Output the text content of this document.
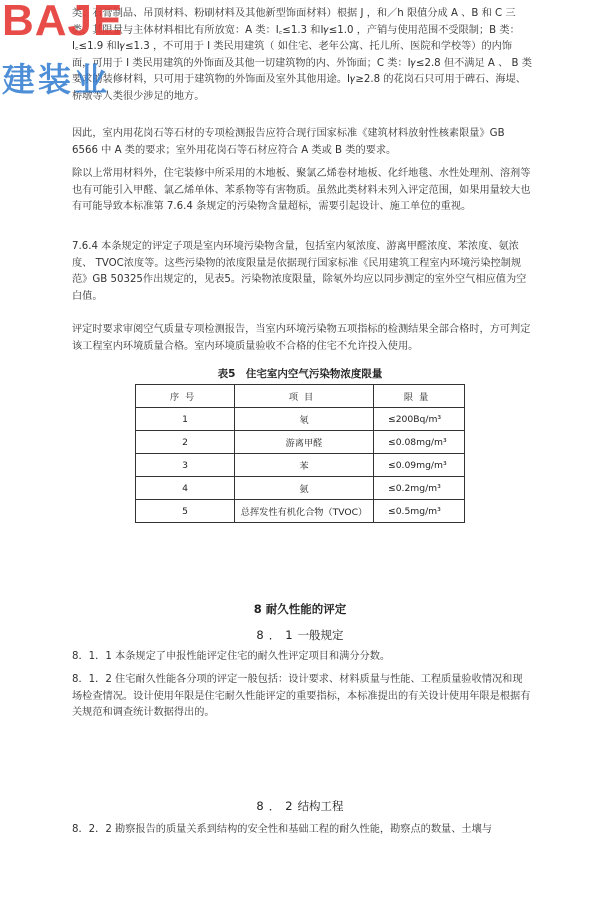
BAJE
建装业

类、石膏制品、吊顶材料、粉刷材料及其他新型饰面材料）根据 J ，和／h 限值分成 A 、B 和 C 三类，其限量与主体材料相比有所放宽：A 类：I꜀≤1.3 和I𝛾≤1.0 ，产销与使用范围不受限制；B 类：I꜀≤1.9 和I𝛾≤1.3 ，不可用于 I 类民用建筑（ 如住宅、老年公寓、托儿所、医院和学校等）的内饰面，可用于 I 类民用建筑的外饰面及其他一切建筑物的内、外饰面；C 类：I𝛾≤2.8 但不满足 A 、 B 类要求的装修材料，只可用于建筑物的外饰面及室外其他用途。I𝛾≥2.8 的花岗石只可用于碑石、海堤、桥墩等人类很少涉足的地方。

因此，室内用花岗石等石材的专项检测报告应符合现行国家标准《建筑材料放射性核素限量》GB 6566 中 A 类的要求；室外用花岗石等石材应符合 A 类或 B 类的要求。

除以上常用材料外，住宅装修中所采用的木地板、聚氯乙烯卷材地板、化纤地毯、水性处理剂、溶剂等也有可能引入甲醛、氯乙烯单体、苯系物等有害物质。虽然此类材料未列入评定范围，如果用量较大也有可能导致本标准第 7.6.4 条规定的污染物含量超标，需要引起设计、施工单位的重视。

7.6.4 本条规定的评定子项是室内环境污染物含量，包括室内氡浓度、游离甲醛浓度、苯浓度、氨浓度、 TVOC浓度等。这些污染物的浓度限量是依据现行国家标准《民用建筑工程室内环境污染控制规范》GB 50325作出规定的，见表5。污染物浓度限量，除氡外均应以同步测定的室外空气相应值为空白值。

评定时要求审阅空气质量专项检测报告，当室内环境污染物五项指标的检测结果全部合格时，方可判定该工程室内环境质量合格。室内环境质量验收不合格的住宅不允许投入使用。

表5　住宅室内空气污染物浓度限量
序号	项目	限量
1	氡	≤200Bq/m³
2	游离甲醛	≤0.08mg/m³
3	苯	≤0.09mg/m³
4	氨	≤0.2mg/m³
5	总挥发性有机化合物（TVOC）	≤0.5mg/m³
8 耐久性能的评定
8．1一般规定

8．1．1 本条规定了申报性能评定住宅的耐久性评定项目和满分分数。

8．1．2 住宅耐久性能各分项的评定一般包括：设计要求、材料质量与性能、工程质量验收情况和现场检查情况。设计使用年限是住宅耐久性能评定的重要指标，本标准提出的有关设计使用年限是根据有关规范和调查统计数据得出的。

8．2结构工程

8．2．2 勘察报告的质量关系到结构的安全性和基础工程的耐久性能，勘察点的数量、土壤与
